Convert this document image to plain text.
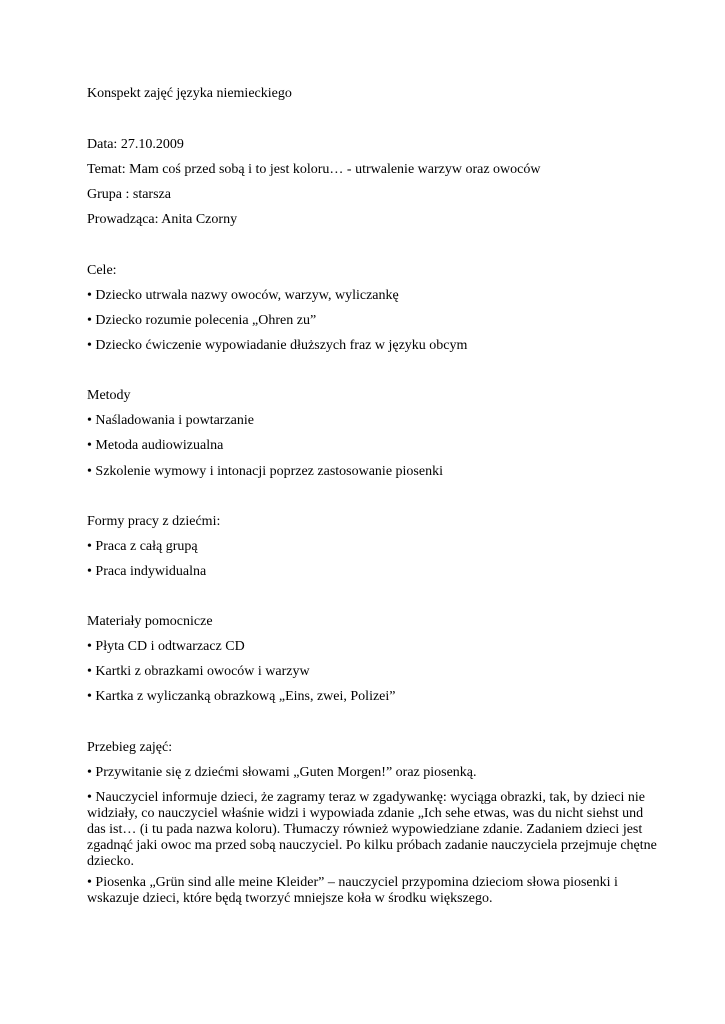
Konspekt zajęć języka niemieckiego
Data: 27.10.2009
Temat: Mam coś przed sobą i to jest koloru… - utrwalenie warzyw oraz owoców
Grupa : starsza
Prowadząca: Anita Czorny
Cele:
• Dziecko utrwala nazwy owoców, warzyw, wyliczankę
• Dziecko rozumie polecenia „Ohren zu”
• Dziecko ćwiczenie wypowiadanie dłuższych fraz w języku obcym
Metody
• Naśladowania i powtarzanie
• Metoda audiowizualna
• Szkolenie wymowy i intonacji poprzez zastosowanie piosenki
Formy pracy z dziećmi:
• Praca z całą grupą
• Praca indywidualna
Materiały pomocnicze
• Płyta CD i odtwarzacz CD
• Kartki z obrazkami owoców i warzyw
• Kartka z wyliczanką obrazkową „Eins, zwei, Polizei”
Przebieg zajęć:
• Przywitanie się z dziećmi słowami „Guten Morgen!” oraz piosenką.
• Nauczyciel informuje dzieci, że zagramy teraz w zgadywankę: wyciąga obrazki, tak, by dzieci nie
widziały, co nauczyciel właśnie widzi i wypowiada zdanie „Ich sehe etwas, was du nicht siehst und
das ist… (i tu pada nazwa koloru). Tłumaczy również wypowiedziane zdanie. Zadaniem dzieci jest
zgadnąć jaki owoc ma przed sobą nauczyciel. Po kilku próbach zadanie nauczyciela przejmuje chętne
dziecko.
• Piosenka „Grün sind alle meine Kleider” – nauczyciel przypomina dzieciom słowa piosenki i
wskazuje dzieci, które będą tworzyć mniejsze koła w środku większego.
